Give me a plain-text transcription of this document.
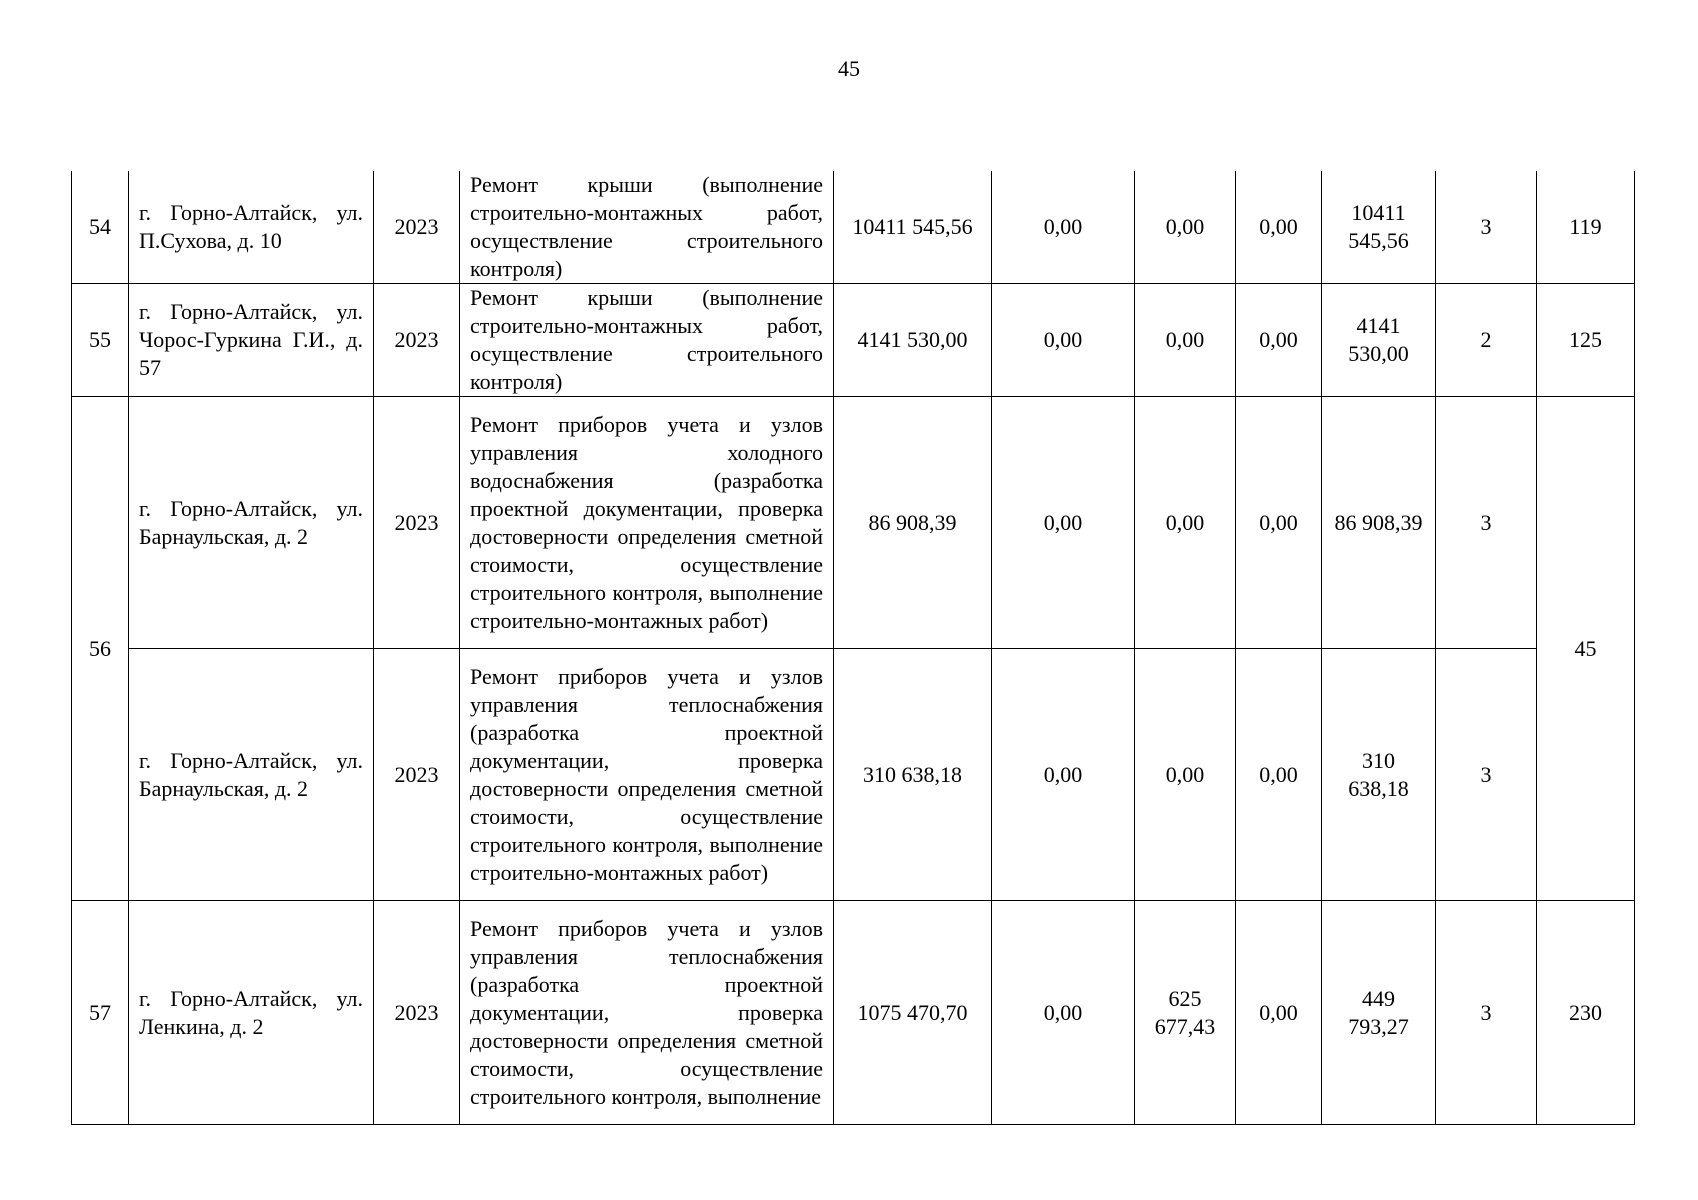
45
54	г. Горно-Алтайск, ул. П.Сухова, д. 10	2023	Ремонт крыши (выполнение строительно-монтажных работ, осуществление строительного контроля)	10411 545,56	0,00	0,00	0,00	10411 545,56	3	119
55	г. Горно-Алтайск, ул. Чорос-Гуркина Г.И., д. 57	2023	Ремонт крыши (выполнение строительно-монтажных работ, осуществление строительного контроля)	4141 530,00	0,00	0,00	0,00	4141 530,00	2	125
56	г. Горно-Алтайск, ул. Барнаульская, д. 2	2023	Ремонт приборов учета и узлов управления холодного водоснабжения (разработка проектной документации, проверка достоверности определения сметной стоимости, осуществление строительного контроля, выполнение строительно-монтажных работ)	86 908,39	0,00	0,00	0,00	86 908,39	3	45

	г. Горно-Алтайск, ул. Барнаульская, д. 2	2023	Ремонт приборов учета и узлов управления теплоснабжения (разработка проектной документации, проверка достоверности определения сметной стоимости, осуществление строительного контроля, выполнение строительно-монтажных работ)	310 638,18	0,00	0,00	0,00	310 638,18	3	
57	г. Горно-Алтайск, ул. Ленкина, д. 2	2023	Ремонт приборов учета и узлов управления теплоснабжения (разработка проектной документации, проверка достоверности определения сметной стоимости, осуществление строительного контроля, выполнение	1075 470,70	0,00	625 677,43	0,00	449 793,27	3	230
